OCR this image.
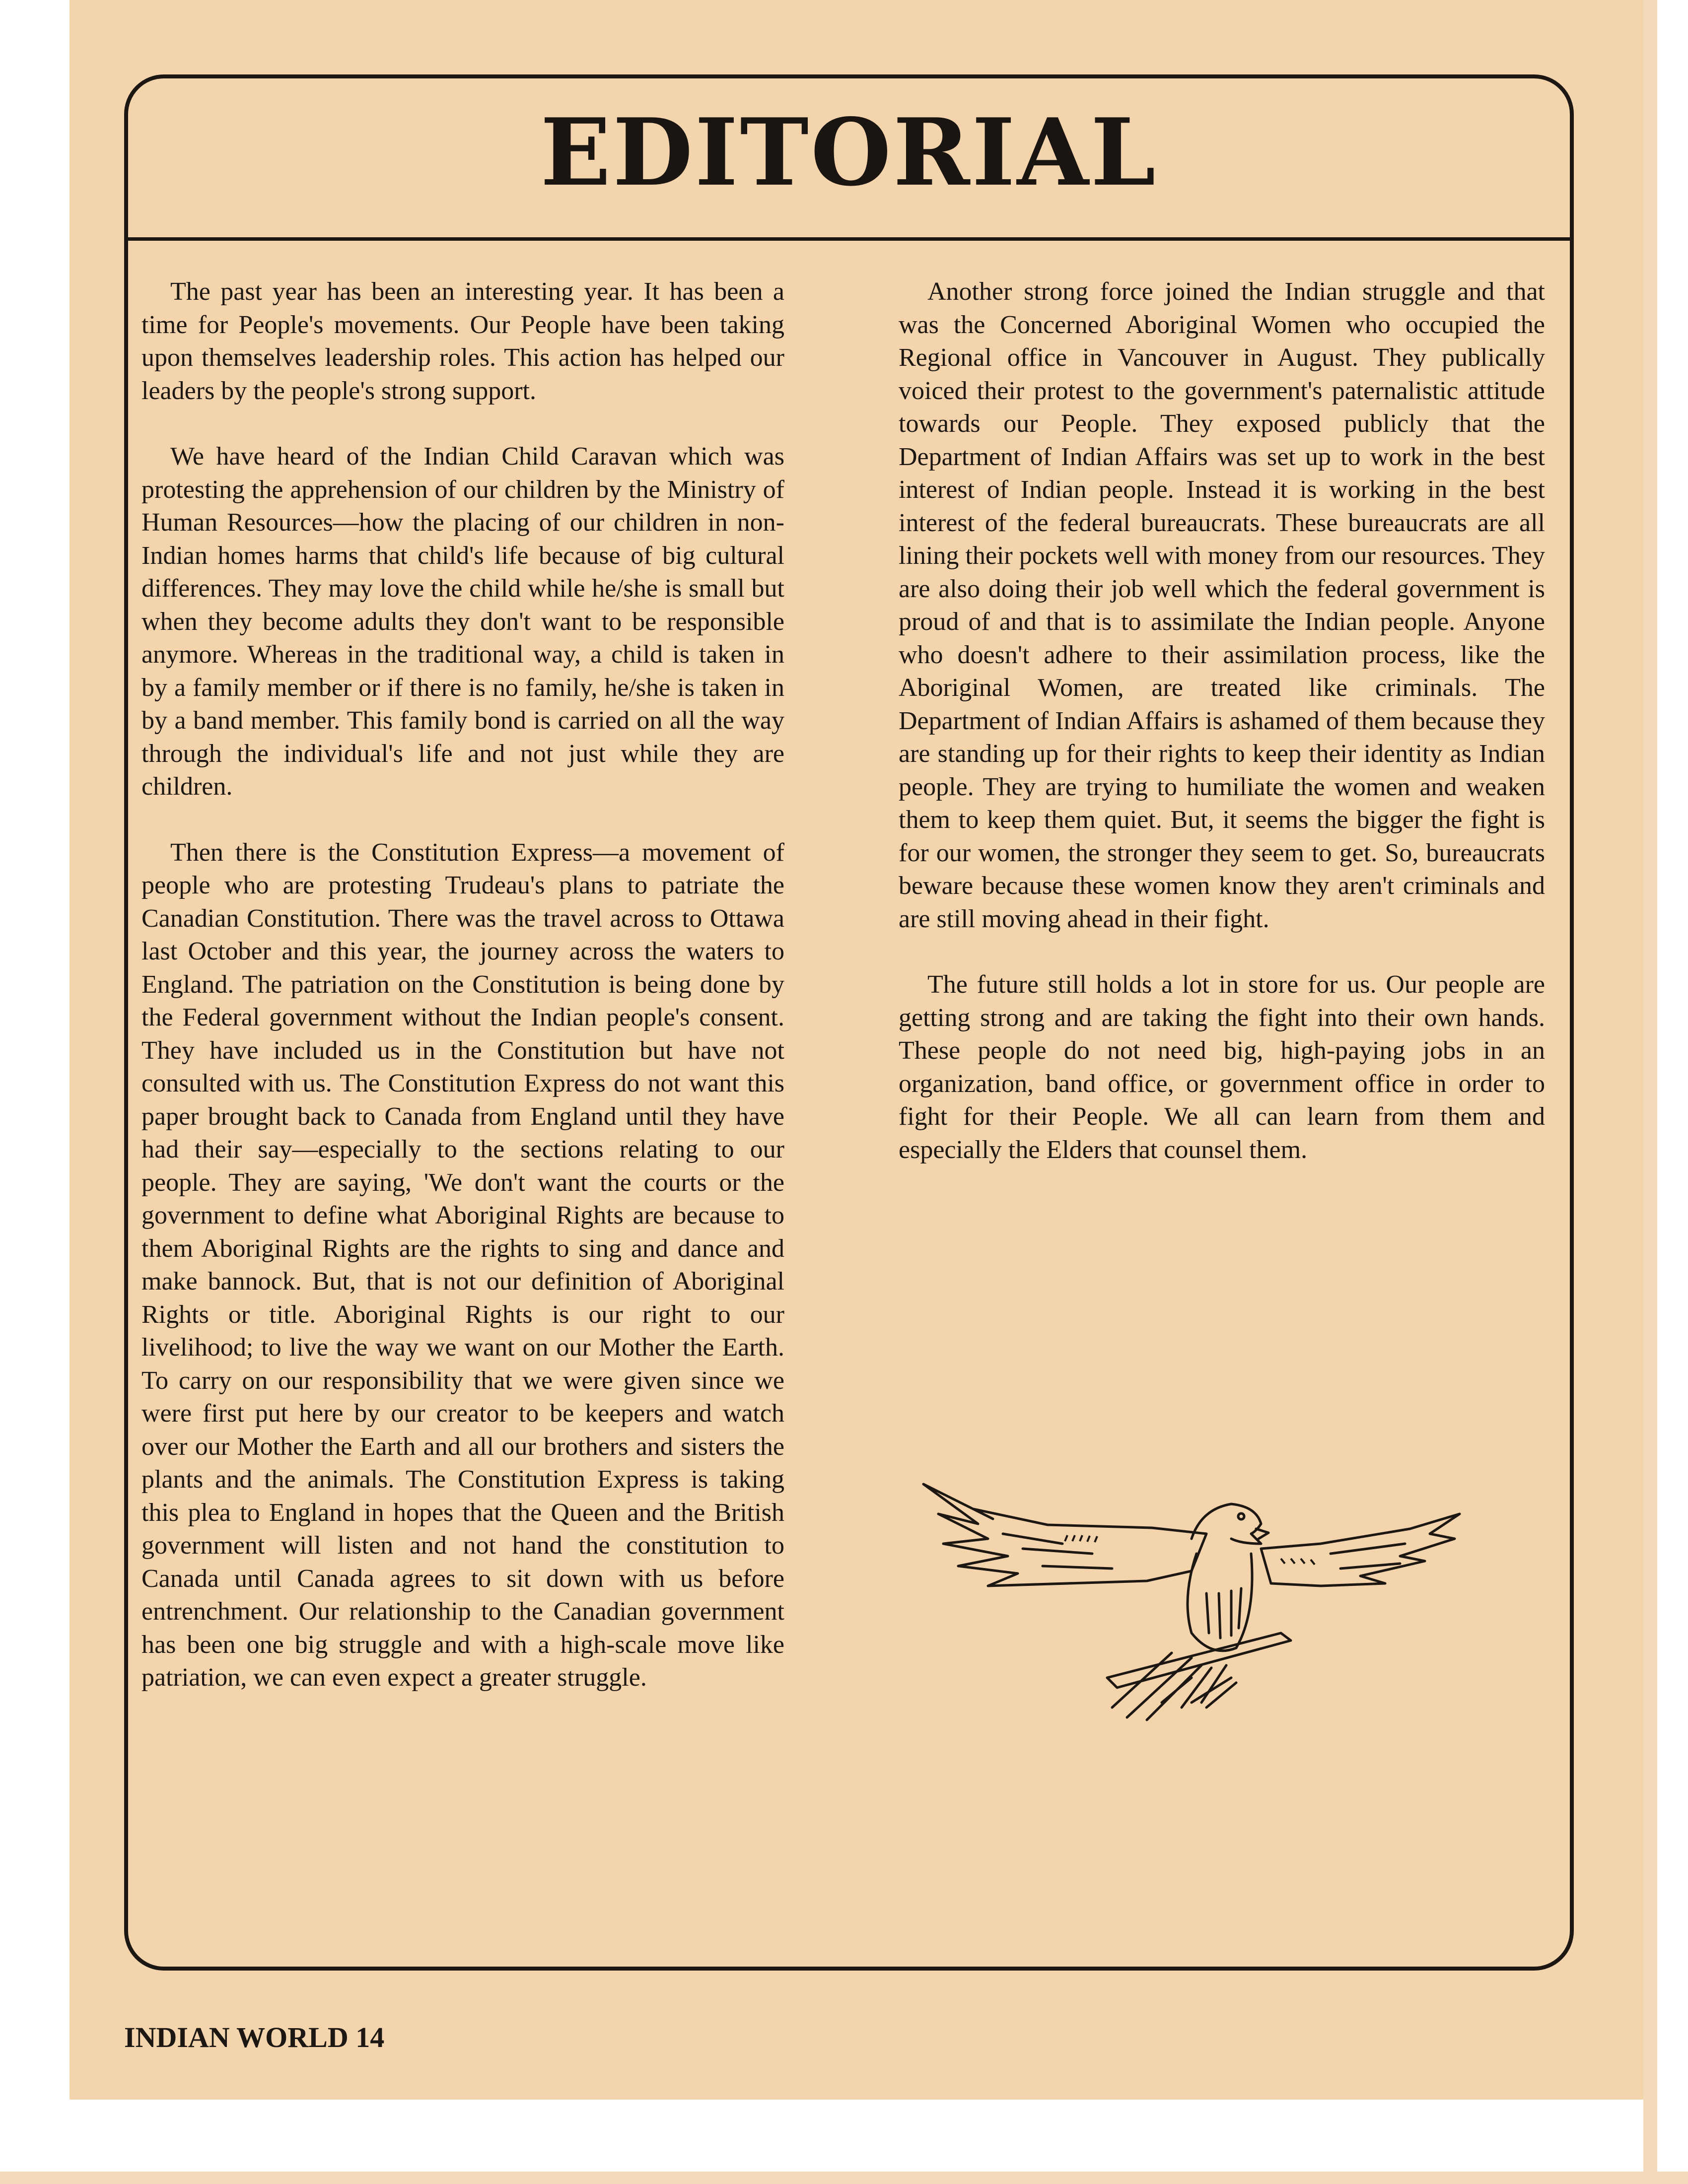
EDITORIAL

The past year has been an interesting year. It has been a time for People's movements. Our People have been taking upon themselves leadership roles. This action has helped our leaders by the people's strong support.

We have heard of the Indian Child Caravan which was protesting the apprehension of our children by the Ministry of Human Resources—how the placing of our children in non-Indian homes harms that child's life because of big cultural differences. They may love the child while he/she is small but when they become adults they don't want to be responsible anymore. Whereas in the traditional way, a child is taken in by a family member or if there is no family, he/she is taken in by a band member. This family bond is carried on all the way through the individual's life and not just while they are children.

Then there is the Constitution Express—a movement of people who are protesting Trudeau's plans to patriate the Canadian Constitution. There was the travel across to Ottawa last October and this year, the journey across the waters to England. The patriation on the Constitution is being done by the Federal government without the Indian people's consent. They have included us in the Constitution but have not consulted with us. The Constitution Express do not want this paper brought back to Canada from England until they have had their say—especially to the sections relating to our people. They are saying, 'We don't want the courts or the government to define what Aboriginal Rights are because to them Aboriginal Rights are the rights to sing and dance and make bannock. But, that is not our definition of Aboriginal Rights or title. Aboriginal Rights is our right to our livelihood; to live the way we want on our Mother the Earth. To carry on our responsibility that we were given since we were first put here by our creator to be keepers and watch over our Mother the Earth and all our brothers and sisters the plants and the animals. The Constitution Express is taking this plea to England in hopes that the Queen and the British government will listen and not hand the constitution to Canada until Canada agrees to sit down with us before entrenchment. Our relationship to the Canadian government has been one big struggle and with a high-scale move like patriation, we can even expect a greater struggle.

Another strong force joined the Indian struggle and that was the Concerned Aboriginal Women who occupied the Regional office in Vancouver in August. They publically voiced their protest to the government's paternalistic attitude towards our People. They exposed publicly that the Department of Indian Affairs was set up to work in the best interest of Indian people. Instead it is working in the best interest of the federal bureaucrats. These bureaucrats are all lining their pockets well with money from our resources. They are also doing their job well which the federal government is proud of and that is to assimilate the Indian people. Anyone who doesn't adhere to their assimilation process, like the Aboriginal Women, are treated like criminals. The Department of Indian Affairs is ashamed of them because they are standing up for their rights to keep their identity as Indian people. They are trying to humiliate the women and weaken them to keep them quiet. But, it seems the bigger the fight is for our women, the stronger they seem to get. So, bureaucrats beware because these women know they aren't criminals and are still moving ahead in their fight.

The future still holds a lot in store for us. Our people are getting strong and are taking the fight into their own hands. These people do not need big, high-paying jobs in an organization, band office, or government office in order to fight for their People. We all can learn from them and especially the Elders that counsel them.

INDIAN WORLD 14
